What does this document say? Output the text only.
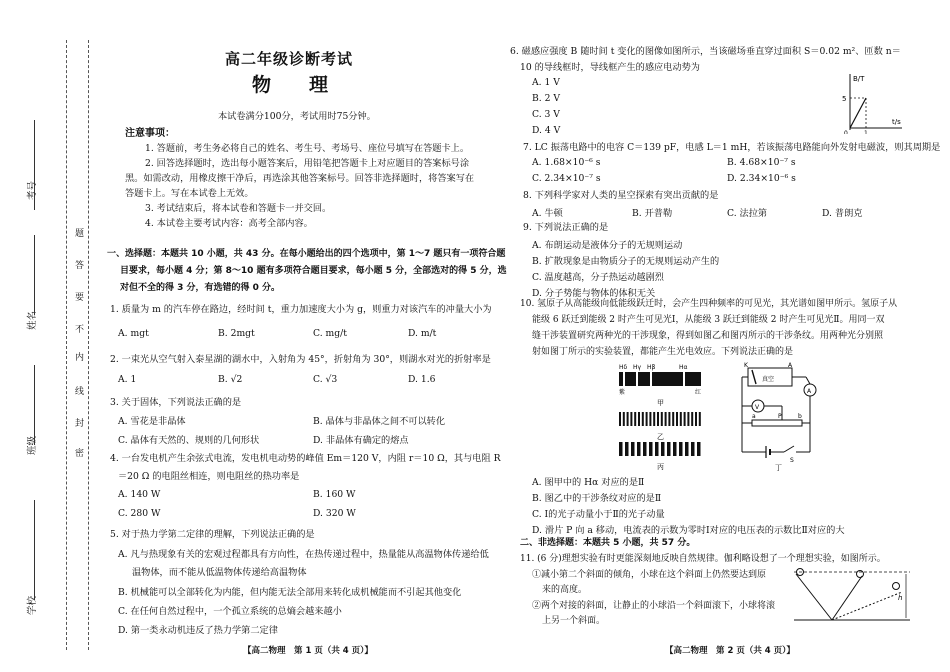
考号
姓名
班级
学校
题
答
要
不
内
线
封
密
高二年级诊断考试
物　　理
本试卷满分100分，考试用时75分钟。
注意事项：
1. 答题前，考生务必将自己的姓名、考生号、考场号、座位号填写在答题卡上。
2. 回答选择题时，选出每小题答案后，用铅笔把答题卡上对应题目的答案标号涂
黑。如需改动，用橡皮擦干净后，再选涂其他答案标号。回答非选择题时，将答案写在
答题卡上。写在本试卷上无效。
3. 考试结束后，将本试卷和答题卡一并交回。
4. 本试卷主要考试内容：高考全部内容。
一、选择题：本题共 10 小题，共 43 分。在每小题给出的四个选项中，第 1～7 题只有一项符合题
目要求，每小题 4 分；第 8～10 题有多项符合题目要求，每小题 5 分，全部选对的得 5 分，选
对但不全的得 3 分，有选错的得 0 分。
1. 质量为 m 的汽车停在路边，经时间 t，重力加速度大小为 g，则重力对该汽车的冲量大小为
A. mgt	B. 2mgt	C. mg/t	D. m/t
2. 一束光从空气射入泰星湖的湖水中，入射角为 45°，折射角为 30°，则湖水对光的折射率是
A. 1	B. √2	C. √3	D. 1.6
3. 关于固体，下列说法正确的是
A. 雪花是非晶体	B. 晶体与非晶体之间不可以转化
C. 晶体有天然的、规则的几何形状	D. 非晶体有确定的熔点
4. 一台发电机产生余弦式电流，发电机电动势的峰值 Em＝120 V，内阻 r＝10 Ω，其与电阻 R
＝20 Ω 的电阻丝相连，则电阻丝的热功率是
A. 140 W	B. 160 W
C. 280 W	D. 320 W
5. 对于热力学第二定律的理解，下列说法正确的是
A. 凡与热现象有关的宏观过程都具有方向性，在热传递过程中，热量能从高温物体传递给低
温物体，而不能从低温物体传递给高温物体
B. 机械能可以全部转化为内能，但内能无法全部用来转化成机械能而不引起其他变化
C. 在任何自然过程中，一个孤立系统的总熵会越来越小
D. 第一类永动机违反了热力学第二定律
【高二物理　第 1 页（共 4 页）】
6. 磁感应强度 B 随时间 t 变化的图像如图所示，当该磁场垂直穿过面积 S＝0.02 m²、匝数 n＝
10 的导线框时，导线框产生的感应电动势为
A. 1 V
B. 2 V
C. 3 V
D. 4 V
B/T
t/s
5
1
0
7. LC 振荡电路中的电容 C＝139 pF，电感 L＝1 mH，若该振荡电路能向外发射电磁波，则其周期是
A. 1.68×10⁻⁶ s	B. 4.68×10⁻⁷ s
C. 2.34×10⁻⁷ s	D. 2.34×10⁻⁶ s
8. 下列科学家对人类的星空探索有突出贡献的是
A. 牛顿	B. 开普勒	C. 法拉第	D. 普朗克
9. 下列说法正确的是
A. 布朗运动是液体分子的无规则运动
B. 扩散现象是由物质分子的无规则运动产生的
C. 温度越高，分子热运动越剧烈
D. 分子势能与物体的体积无关
10. 氢原子从高能级向低能级跃迁时，会产生四种频率的可见光，其光谱如图甲所示。氢原子从
能级 6 跃迁到能级 2 时产生可见光Ⅰ，从能级 3 跃迁到能级 2 时产生可见光Ⅱ。用同一双
缝干涉装置研究两种光的干涉现象，得到如图乙和图丙所示的干涉条纹。用两种光分别照
射如图丁所示的实验装置，都能产生光电效应。下列说法正确的是
Hδ Hγ Hβ	Hα
紫	红
甲
乙
丙
K	A
真空
A
V
P
a	b
S
丁
A. 图甲中的 Hα 对应的是Ⅱ
B. 图乙中的干涉条纹对应的是Ⅱ
C. Ⅰ的光子动量小于Ⅱ的光子动量
D. 滑片 P 向 a 移动，电流表的示数为零时Ⅰ对应的电压表的示数比Ⅱ对应的大
二、非选择题：本题共 5 小题，共 57 分。
11. (6 分)理想实验有时更能深刻地反映自然规律。伽利略设想了一个理想实验，如图所示。
①减小第二个斜面的倾角，小球在这个斜面上仍然要达到原
来的高度。
②两个对接的斜面，让静止的小球沿一个斜面滚下，小球将滚
上另一个斜面。
h
【高二物理　第 2 页（共 4 页）】
